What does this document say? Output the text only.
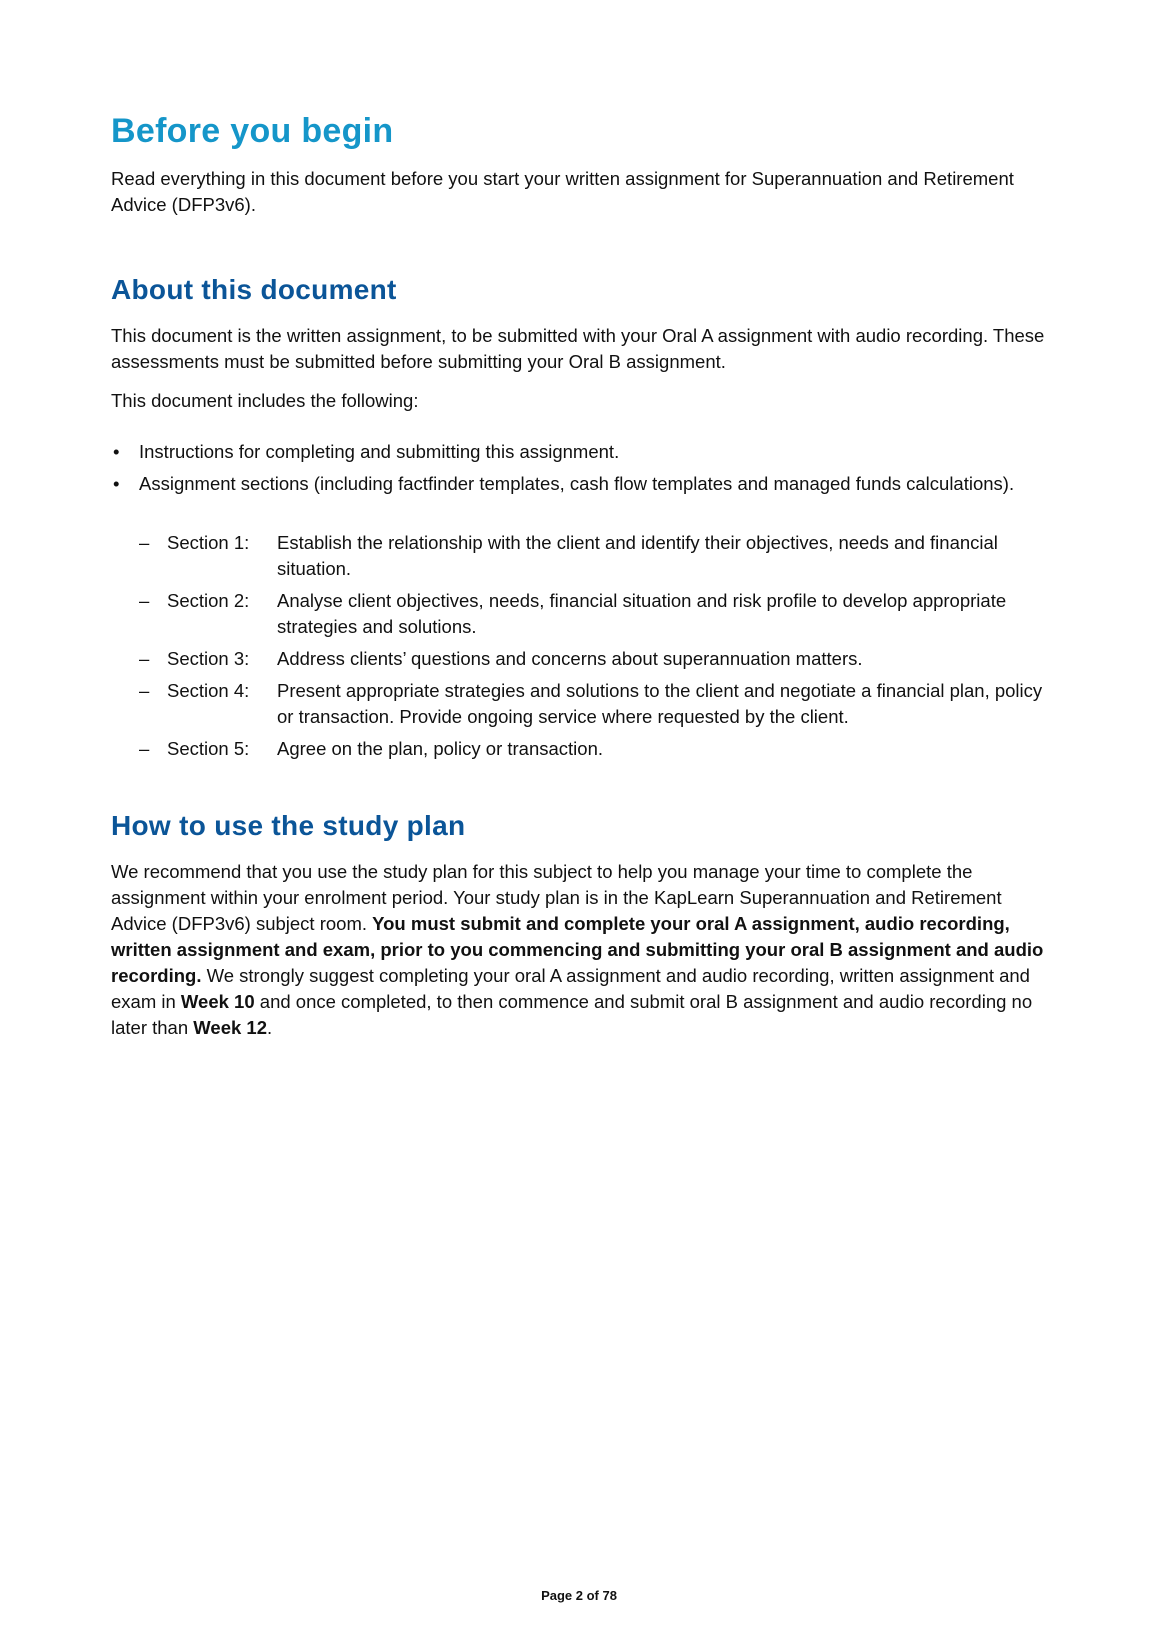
Before you begin

Read everything in this document before you start your written assignment for Superannuation and Retirement Advice (DFP3v6).

About this document

This document is the written assignment, to be submitted with your Oral A assignment with audio recording. These assessments must be submitted before submitting your Oral B assignment.

This document includes the following:

• Instructions for completing and submitting this assignment.
• Assignment sections (including factfinder templates, cash flow templates and managed funds calculations).
– Section 1: Establish the relationship with the client and identify their objectives, needs and financial situation.
– Section 2: Analyse client objectives, needs, financial situation and risk profile to develop appropriate strategies and solutions.
– Section 3: Address clients’ questions and concerns about superannuation matters.
– Section 4: Present appropriate strategies and solutions to the client and negotiate a financial plan, policy or transaction. Provide ongoing service where requested by the client.
– Section 5: Agree on the plan, policy or transaction.
How to use the study plan

We recommend that you use the study plan for this subject to help you manage your time to complete the assignment within your enrolment period. Your study plan is in the KapLearn Superannuation and Retirement Advice (DFP3v6) subject room. You must submit and complete your oral A assignment, audio recording, written assignment and exam, prior to you commencing and submitting your oral B assignment and audio recording. We strongly suggest completing your oral A assignment and audio recording, written assignment and exam in Week 10 and once completed, to then commence and submit oral B assignment and audio recording no later than Week 12.

Page 2 of 78
